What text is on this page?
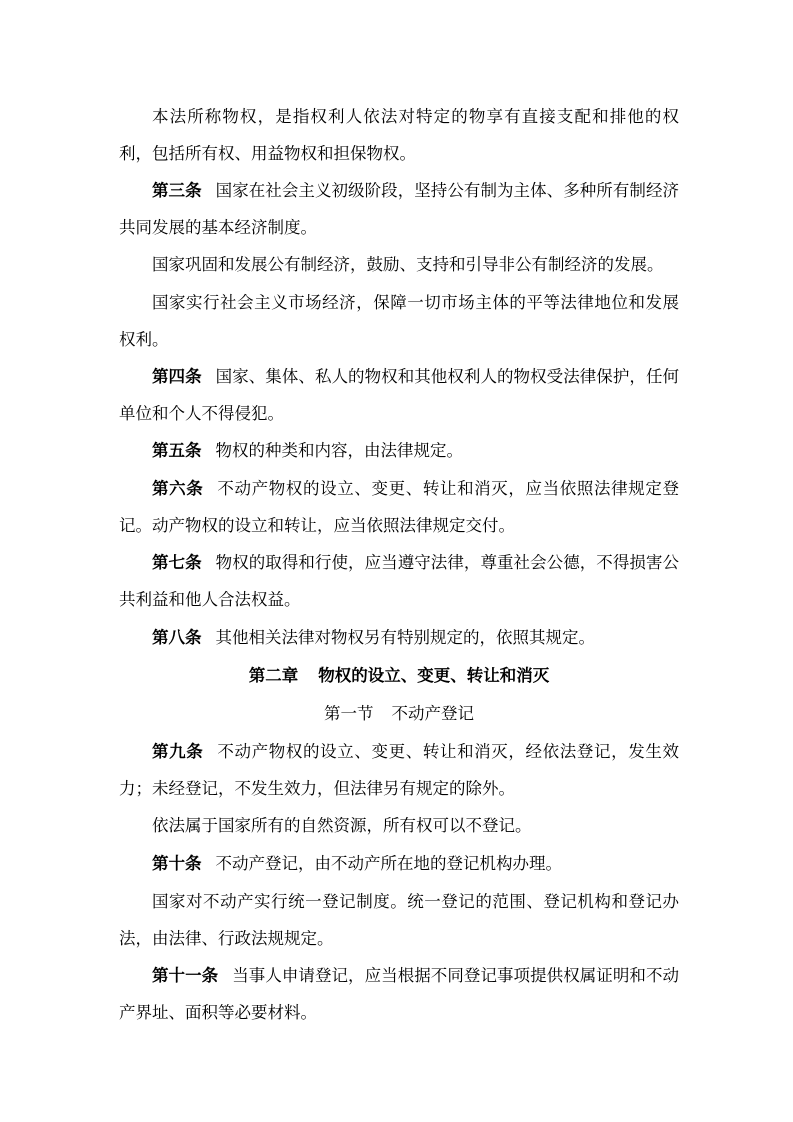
本法所称物权，是指权利人依法对特定的物享有直接支配和排他的权利，包括所有权、用益物权和担保物权。

第三条 国家在社会主义初级阶段，坚持公有制为主体、多种所有制经济共同发展的基本经济制度。

国家巩固和发展公有制经济，鼓励、支持和引导非公有制经济的发展。

国家实行社会主义市场经济，保障一切市场主体的平等法律地位和发展权利。

第四条 国家、集体、私人的物权和其他权利人的物权受法律保护，任何单位和个人不得侵犯。

第五条 物权的种类和内容，由法律规定。

第六条 不动产物权的设立、变更、转让和消灭，应当依照法律规定登记。动产物权的设立和转让，应当依照法律规定交付。

第七条 物权的取得和行使，应当遵守法律，尊重社会公德，不得损害公共利益和他人合法权益。

第八条 其他相关法律对物权另有特别规定的，依照其规定。

第二章 物权的设立、变更、转让和消灭

第一节 不动产登记

第九条 不动产物权的设立、变更、转让和消灭，经依法登记，发生效力；未经登记，不发生效力，但法律另有规定的除外。

依法属于国家所有的自然资源，所有权可以不登记。

第十条 不动产登记，由不动产所在地的登记机构办理。

国家对不动产实行统一登记制度。统一登记的范围、登记机构和登记办法，由法律、行政法规规定。

第十一条 当事人申请登记，应当根据不同登记事项提供权属证明和不动产界址、面积等必要材料。
